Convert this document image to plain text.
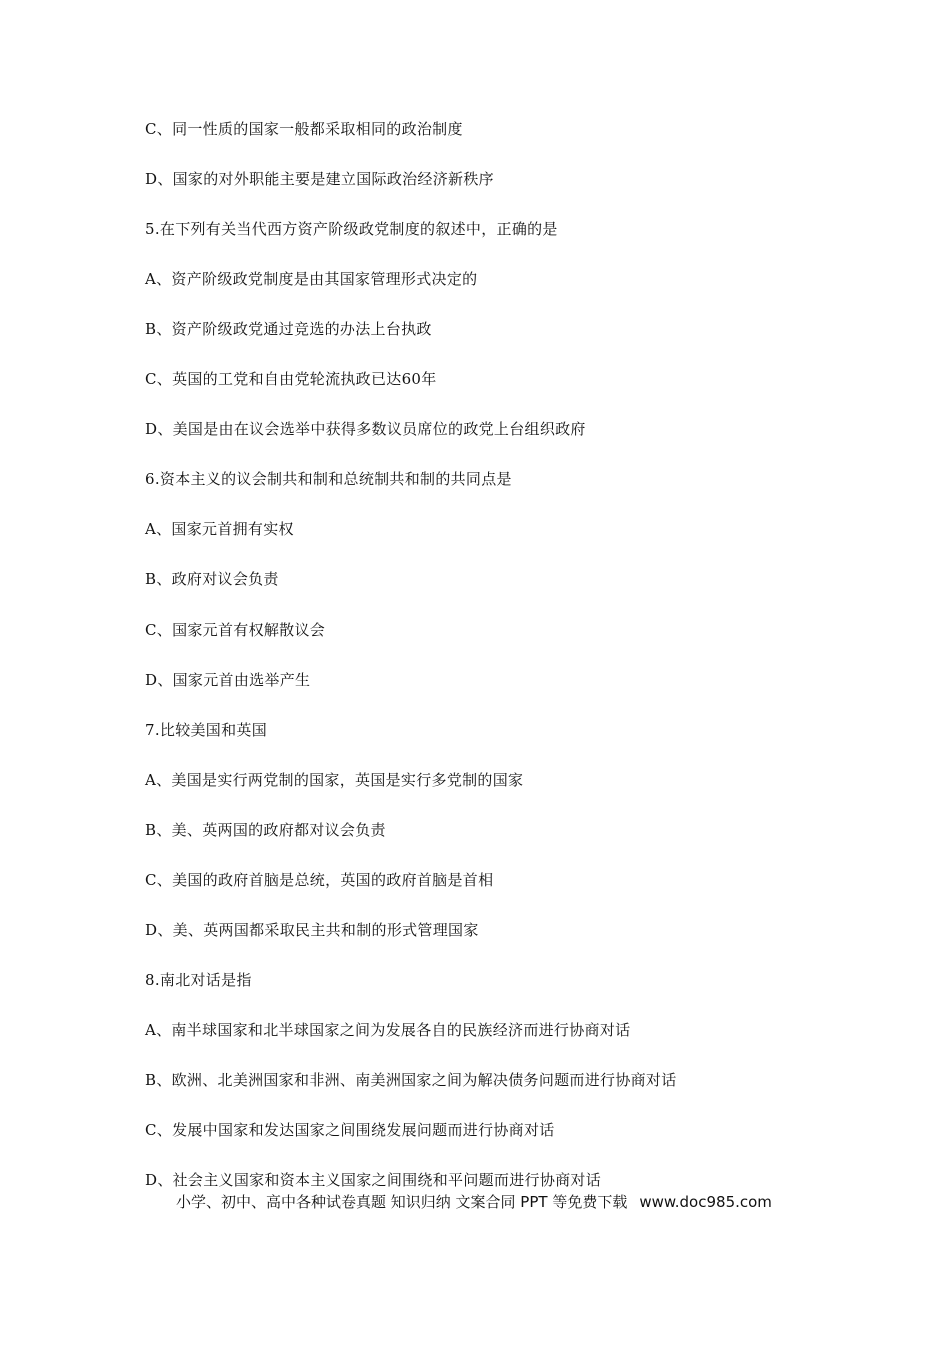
C、同一性质的国家一般都采取相同的政治制度
D、国家的对外职能主要是建立国际政治经济新秩序
5.在下列有关当代西方资产阶级政党制度的叙述中，正确的是
A、资产阶级政党制度是由其国家管理形式决定的
B、资产阶级政党通过竞选的办法上台执政
C、英国的工党和自由党轮流执政已达60年
D、美国是由在议会选举中获得多数议员席位的政党上台组织政府
6.资本主义的议会制共和制和总统制共和制的共同点是
A、国家元首拥有实权
B、政府对议会负责
C、国家元首有权解散议会
D、国家元首由选举产生
7.比较美国和英国
A、美国是实行两党制的国家，英国是实行多党制的国家
B、美、英两国的政府都对议会负责
C、美国的政府首脑是总统，英国的政府首脑是首相
D、美、英两国都采取民主共和制的形式管理国家
8.南北对话是指
A、南半球国家和北半球国家之间为发展各自的民族经济而进行协商对话
B、欧洲、北美洲国家和非洲、南美洲国家之间为解决债务问题而进行协商对话
C、发展中国家和发达国家之间围绕发展问题而进行协商对话
D、社会主义国家和资本主义国家之间围绕和平问题而进行协商对话
小学、初中、高中各种试卷真题 知识归纳 文案合同 PPT 等免费下载 www.doc985.com
